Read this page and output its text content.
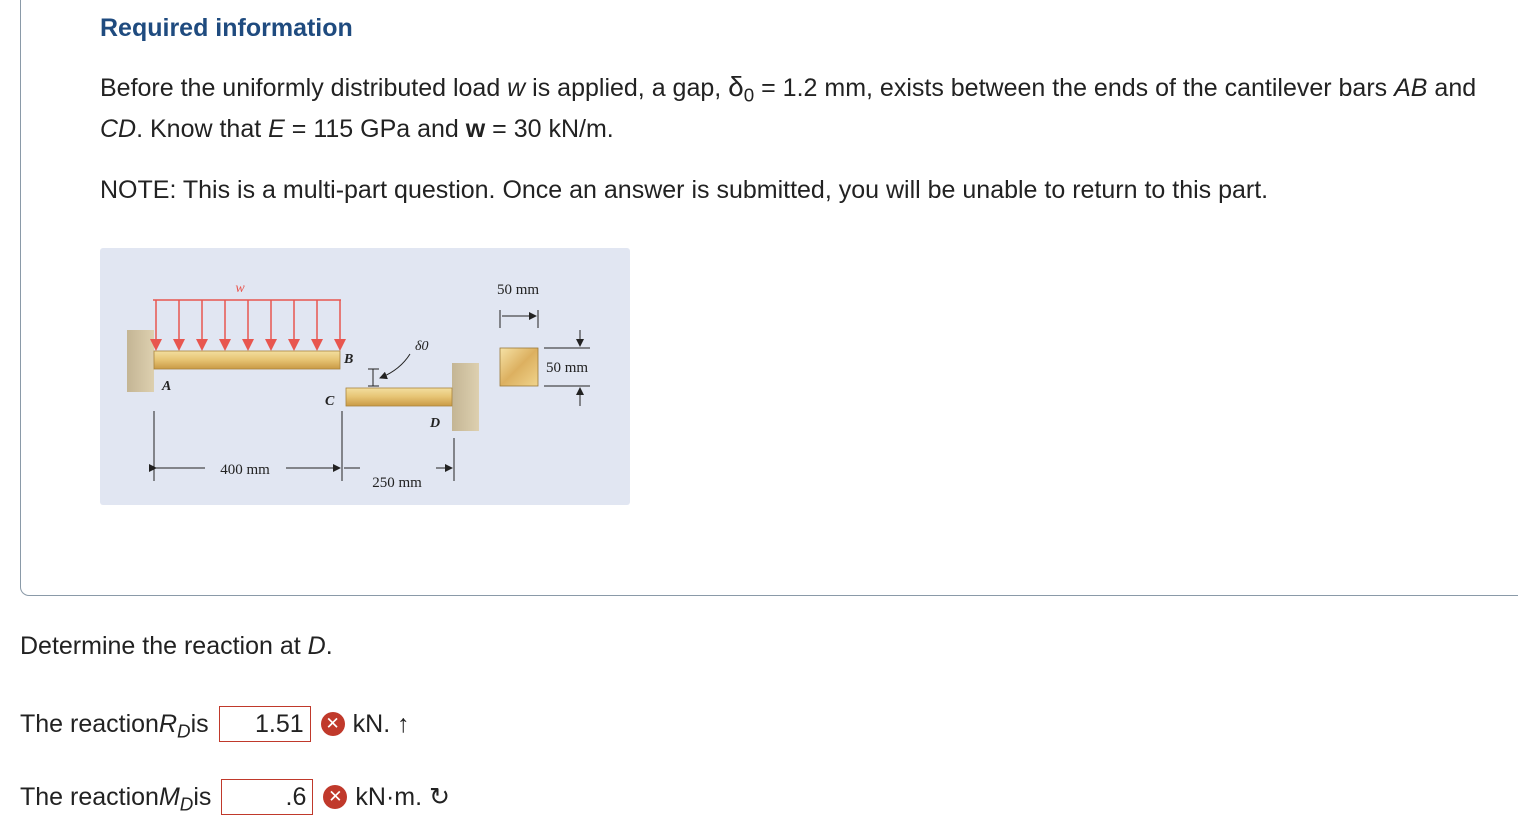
Required information

Before the uniformly distributed load w is applied, a gap, $\delta_0 = 1.2$ mm, exists between the ends of the cantilever bars AB and CD. Know that E = 115 GPa and w = 30 kN/m.

NOTE: This is a multi-part question. Once an answer is submitted, you will be unable to return to this part.

w
δ0
A
B
C
D
400 mm
250 mm
50 mm
50 mm

Determine the reaction at D.

The reaction $R_D$ is
1.51	✕ kN. ↑
The reaction $M_D$ is
.6	✕ kN·m. ↻
